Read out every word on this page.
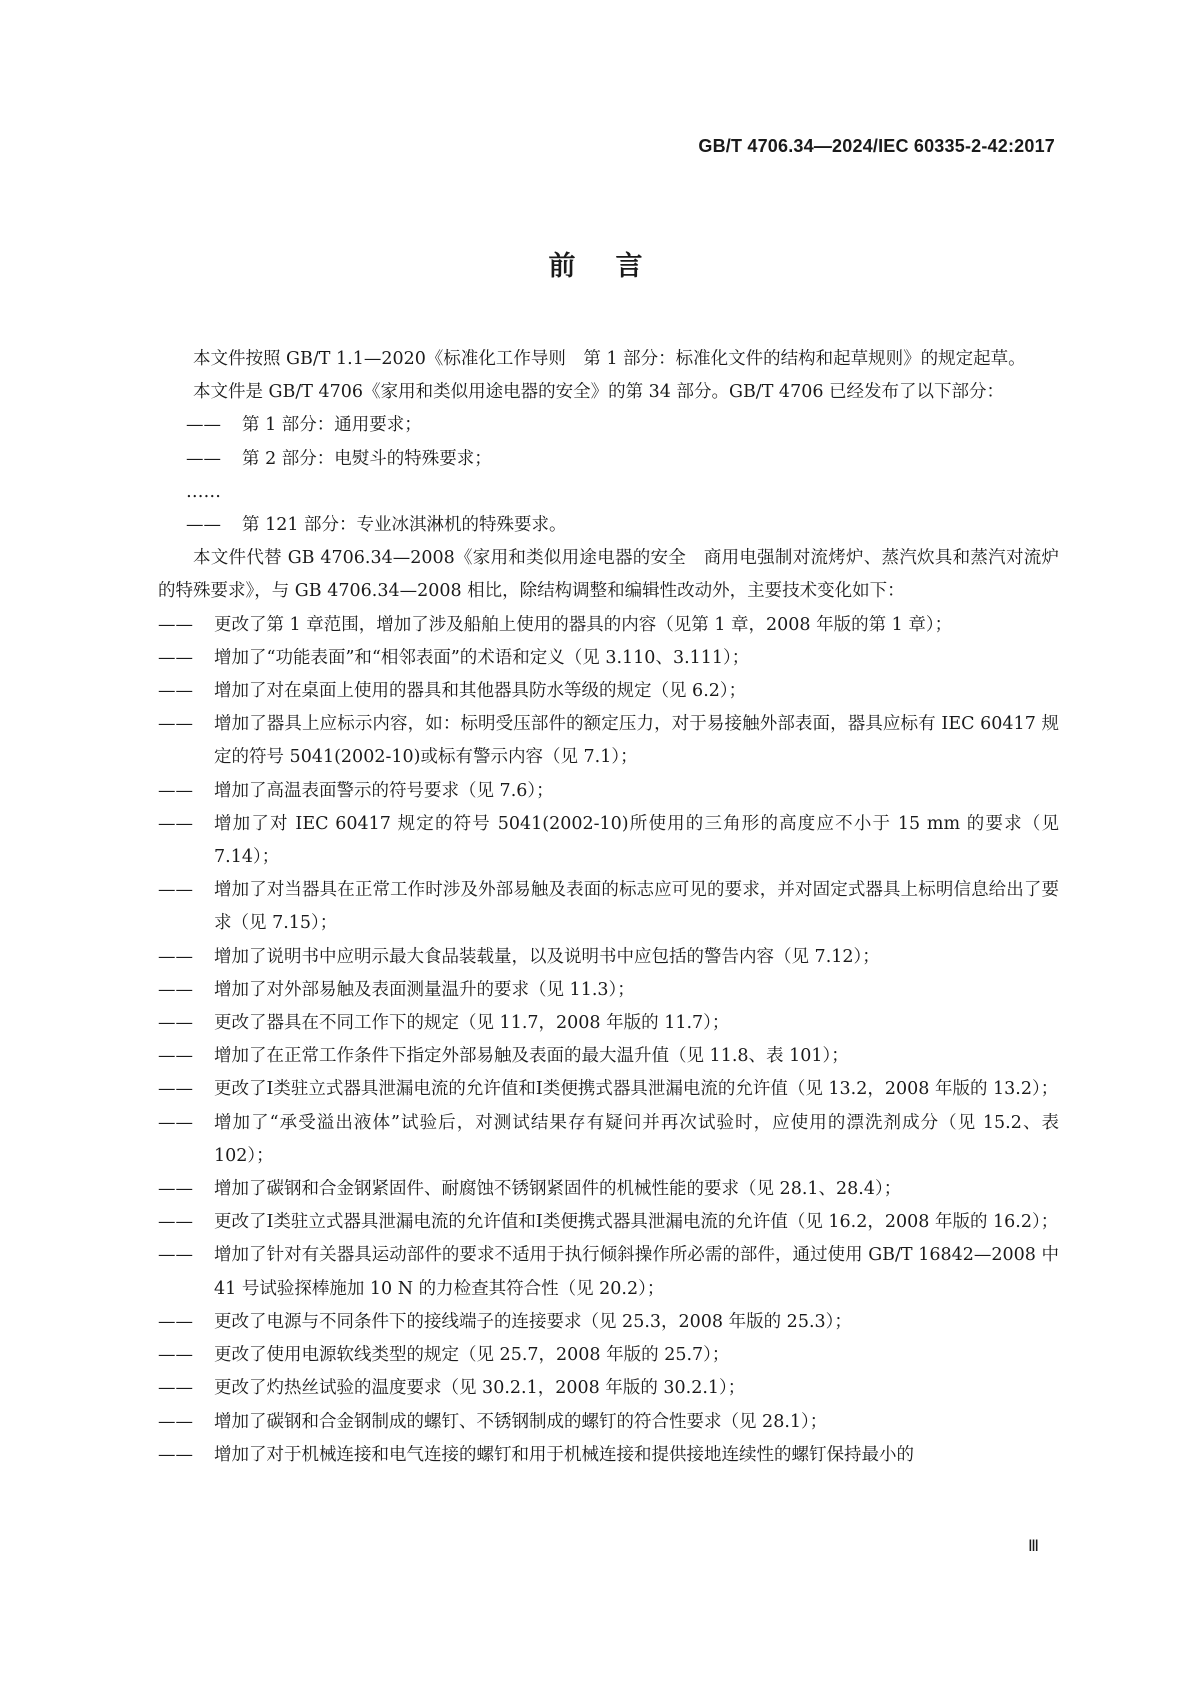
GB/T 4706.34—2024/IEC 60335-2-42:2017
前言

本文件按照 GB/T 1.1—2020《标准化工作导则　第 1 部分：标准化文件的结构和起草规则》的规定起草。

本文件是 GB/T 4706《家用和类似用途电器的安全》的第 34 部分。GB/T 4706 已经发布了以下部分：

——	第 1 部分：通用要求；
——	第 2 部分：电熨斗的特殊要求；

……

——	第 121 部分：专业冰淇淋机的特殊要求。

本文件代替 GB 4706.34—2008《家用和类似用途电器的安全　商用电强制对流烤炉、蒸汽炊具和蒸汽对流炉的特殊要求》，与 GB 4706.34—2008 相比，除结构调整和编辑性改动外，主要技术变化如下：

——	更改了第 1 章范围，增加了涉及船舶上使用的器具的内容（见第 1 章，2008 年版的第 1 章）；
——	增加了“功能表面”和“相邻表面”的术语和定义（见 3.110、3.111）；
——	增加了对在桌面上使用的器具和其他器具防水等级的规定（见 6.2）；
——	增加了器具上应标示内容，如：标明受压部件的额定压力，对于易接触外部表面，器具应标有 IEC 60417 规定的符号 5041(2002-10)或标有警示内容（见 7.1）；
——	增加了高温表面警示的符号要求（见 7.6）；
——	增加了对 IEC 60417 规定的符号 5041(2002-10)所使用的三角形的高度应不小于 15 mm 的要求（见 7.14）；
——	增加了对当器具在正常工作时涉及外部易触及表面的标志应可见的要求，并对固定式器具上标明信息给出了要求（见 7.15）；
——	增加了说明书中应明示最大食品装载量，以及说明书中应包括的警告内容（见 7.12）；
——	增加了对外部易触及表面测量温升的要求（见 11.3）；
——	更改了器具在不同工作下的规定（见 11.7，2008 年版的 11.7）；
——	增加了在正常工作条件下指定外部易触及表面的最大温升值（见 11.8、表 101）；
——	更改了Ⅰ类驻立式器具泄漏电流的允许值和Ⅰ类便携式器具泄漏电流的允许值（见 13.2，2008 年版的 13.2）；
——	增加了“承受溢出液体”试验后，对测试结果存有疑问并再次试验时，应使用的漂洗剂成分（见 15.2、表 102）；
——	增加了碳钢和合金钢紧固件、耐腐蚀不锈钢紧固件的机械性能的要求（见 28.1、28.4）；
——	更改了Ⅰ类驻立式器具泄漏电流的允许值和Ⅰ类便携式器具泄漏电流的允许值（见 16.2，2008 年版的 16.2）；
——	增加了针对有关器具运动部件的要求不适用于执行倾斜操作所必需的部件，通过使用 GB/T 16842—2008 中 41 号试验探棒施加 10 N 的力检查其符合性（见 20.2）；
——	更改了电源与不同条件下的接线端子的连接要求（见 25.3，2008 年版的 25.3）；
——	更改了使用电源软线类型的规定（见 25.7，2008 年版的 25.7）；
——	更改了灼热丝试验的温度要求（见 30.2.1，2008 年版的 30.2.1）；
——	增加了碳钢和合金钢制成的螺钉、不锈钢制成的螺钉的符合性要求（见 28.1）；
——	增加了对于机械连接和电气连接的螺钉和用于机械连接和提供接地连续性的螺钉保持最小的
Ⅲ
